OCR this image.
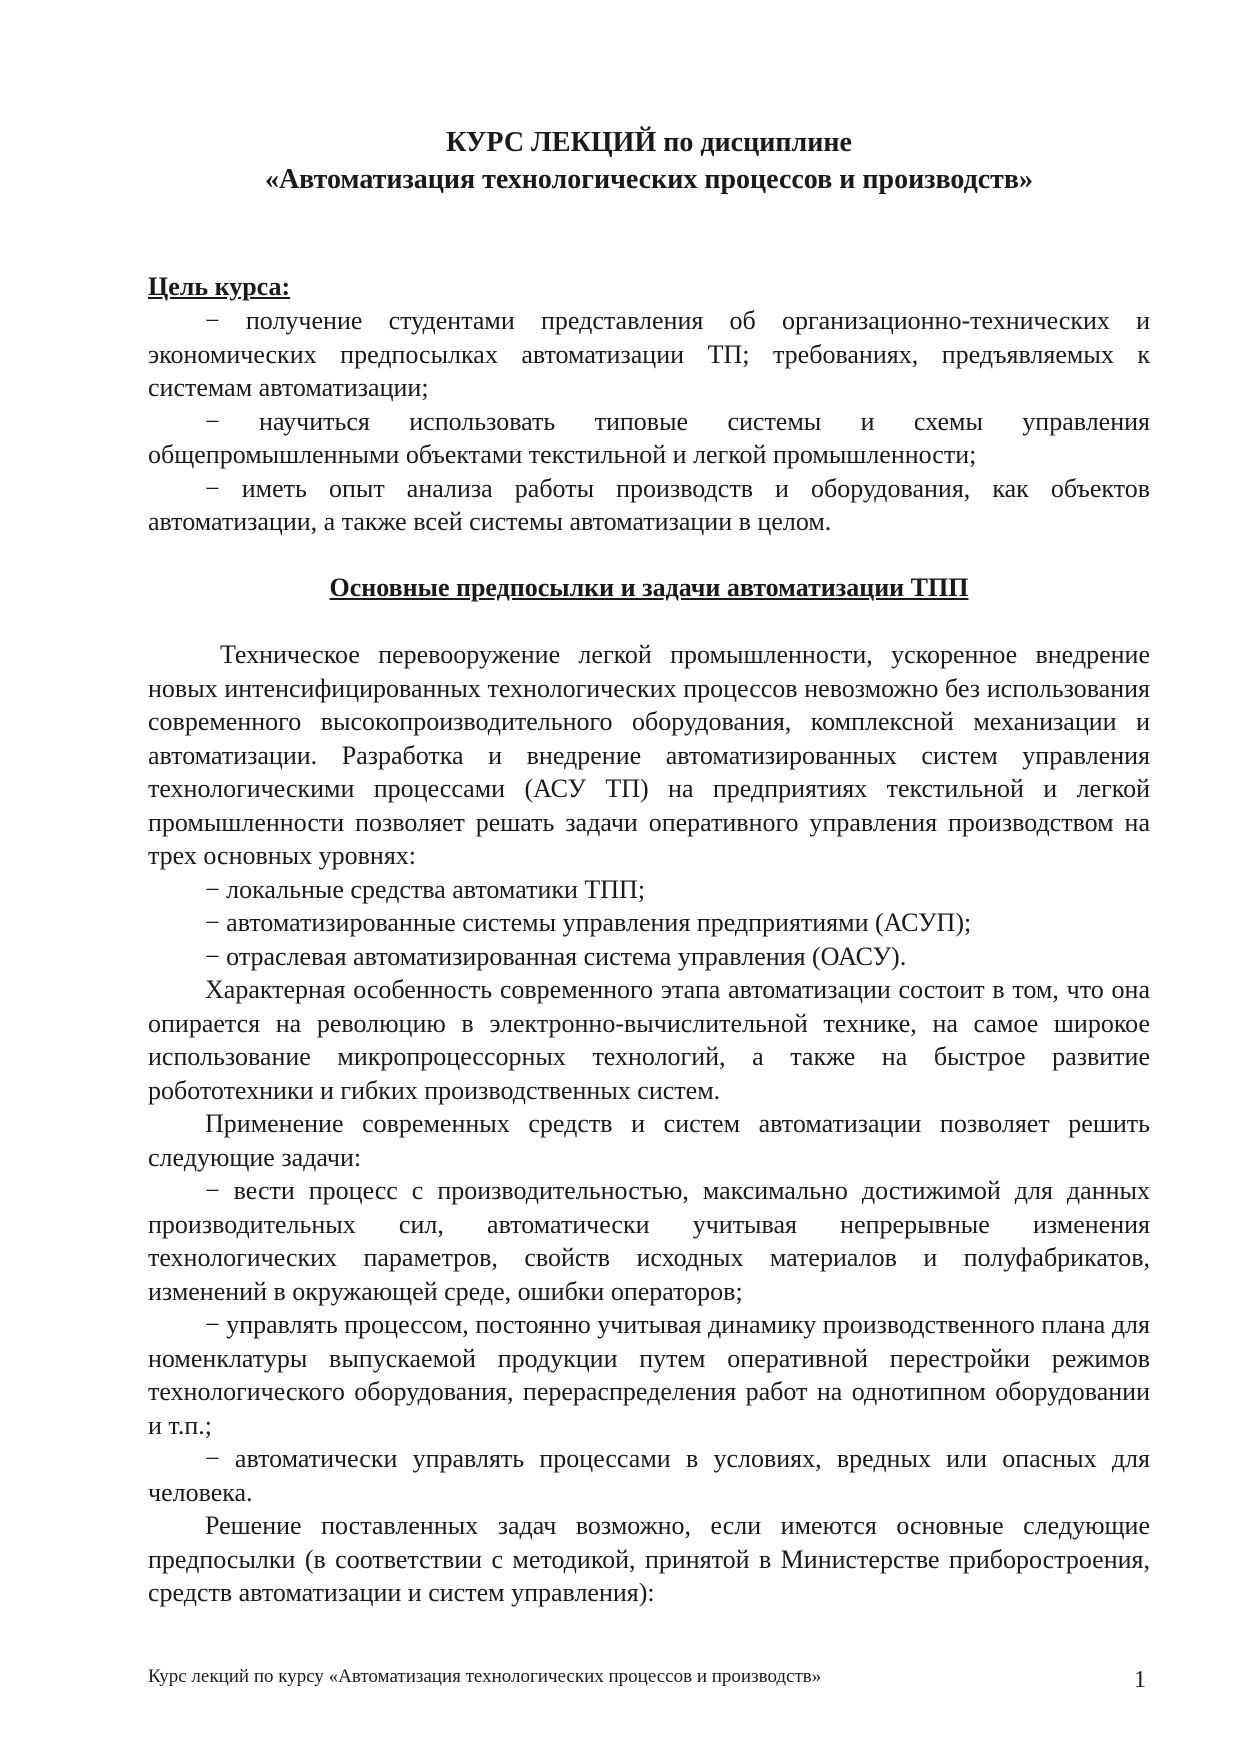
КУРС ЛЕКЦИЙ по дисциплине
«Автоматизация технологических процессов и производств»
Цель курса:

− получение студентами представления об организационно-технических и экономических предпосылках автоматизации ТП; требованиях, предъявляемых к системам автоматизации;

− научиться использовать типовые системы и схемы управления общепромышленными объектами текстильной и легкой промышленности;

− иметь опыт анализа работы производств и оборудования, как объектов автоматизации, а также всей системы автоматизации в целом.

Основные предпосылки и задачи автоматизации ТПП

Техническое перевооружение легкой промышленности, ускоренное внедрение новых интенсифицированных технологических процессов невозможно без использования современного высокопроизводительного оборудования, комплексной механизации и автоматизации. Разработка и внедрение автоматизированных систем управления технологическими процессами (АСУ ТП) на предприятиях текстильной и легкой промышленности позволяет решать задачи оперативного управления производством на трех основных уровнях:

− локальные средства автоматики ТПП;

− автоматизированные системы управления предприятиями (АСУП);

− отраслевая автоматизированная система управления (ОАСУ).

Характерная особенность современного этапа автоматизации состоит в том, что она опирается на революцию в электронно-вычислительной технике, на самое широкое использование микропроцессорных технологий, а также на быстрое развитие робототехники и гибких производственных систем.

Применение современных средств и систем автоматизации позволяет решить следующие задачи:

− вести процесс с производительностью, максимально достижимой для данных производительных сил, автоматически учитывая непрерывные изменения технологических параметров, свойств исходных материалов и полуфабрикатов, изменений в окружающей среде, ошибки операторов;

− управлять процессом, постоянно учитывая динамику производственного плана для номенклатуры выпускаемой продукции путем оперативной перестройки режимов технологического оборудования, перераспределения работ на однотипном оборудовании и т.п.;

− автоматически управлять процессами в условиях, вредных или опасных для человека.

Решение поставленных задач возможно, если имеются основные следующие предпосылки (в соответствии с методикой, принятой в Министерстве приборостроения, средств автоматизации и систем управления):

Курс лекций по курсу «Автоматизация технологических процессов и производств»	1
